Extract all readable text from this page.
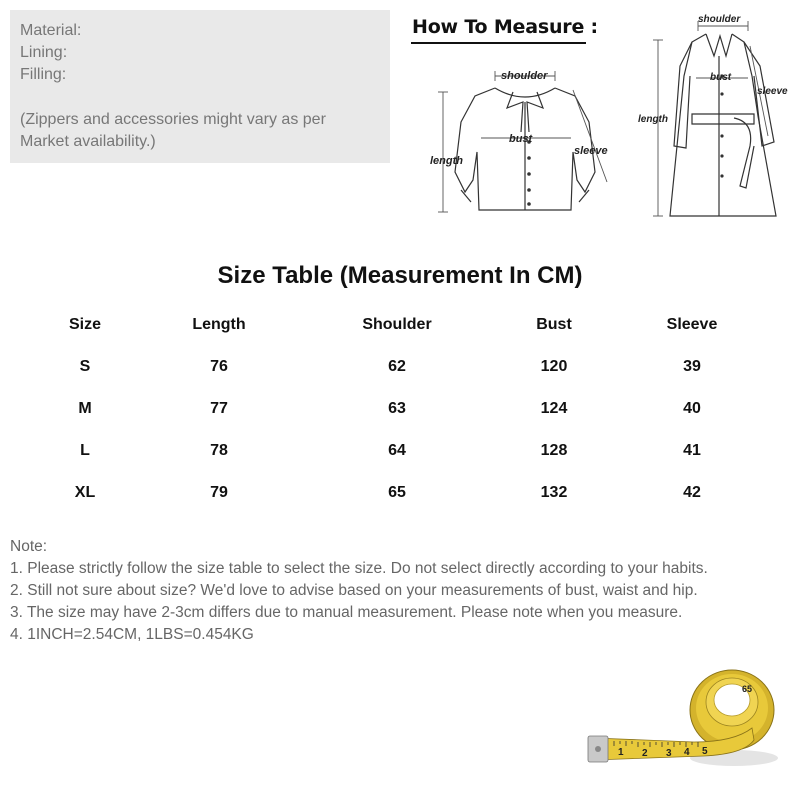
Material:
Lining:
Filling:
(Zippers and accessories might vary as per
Market availability.)
How To Measure :
shoulder
bust
length
sleeve
shoulder
bust
length
sleeve
Size Table (Measurement In CM)
Size	Length	Shoulder	Bust	Sleeve
S	76	62	120	39
M	77	63	124	40
L	78	64	128	41
XL	79	65	132	42
Note:
1. Please strictly follow the size table to select the size. Do not select directly according to your habits.
2. Still not sure about size? We'd love to advise based on your measurements of bust, waist and hip.
3. The size may have 2-3cm differs due to manual measurement. Please note when you measure.
4. 1INCH=2.54CM, 1LBS=0.454KG
1 2 3 4 5
65
